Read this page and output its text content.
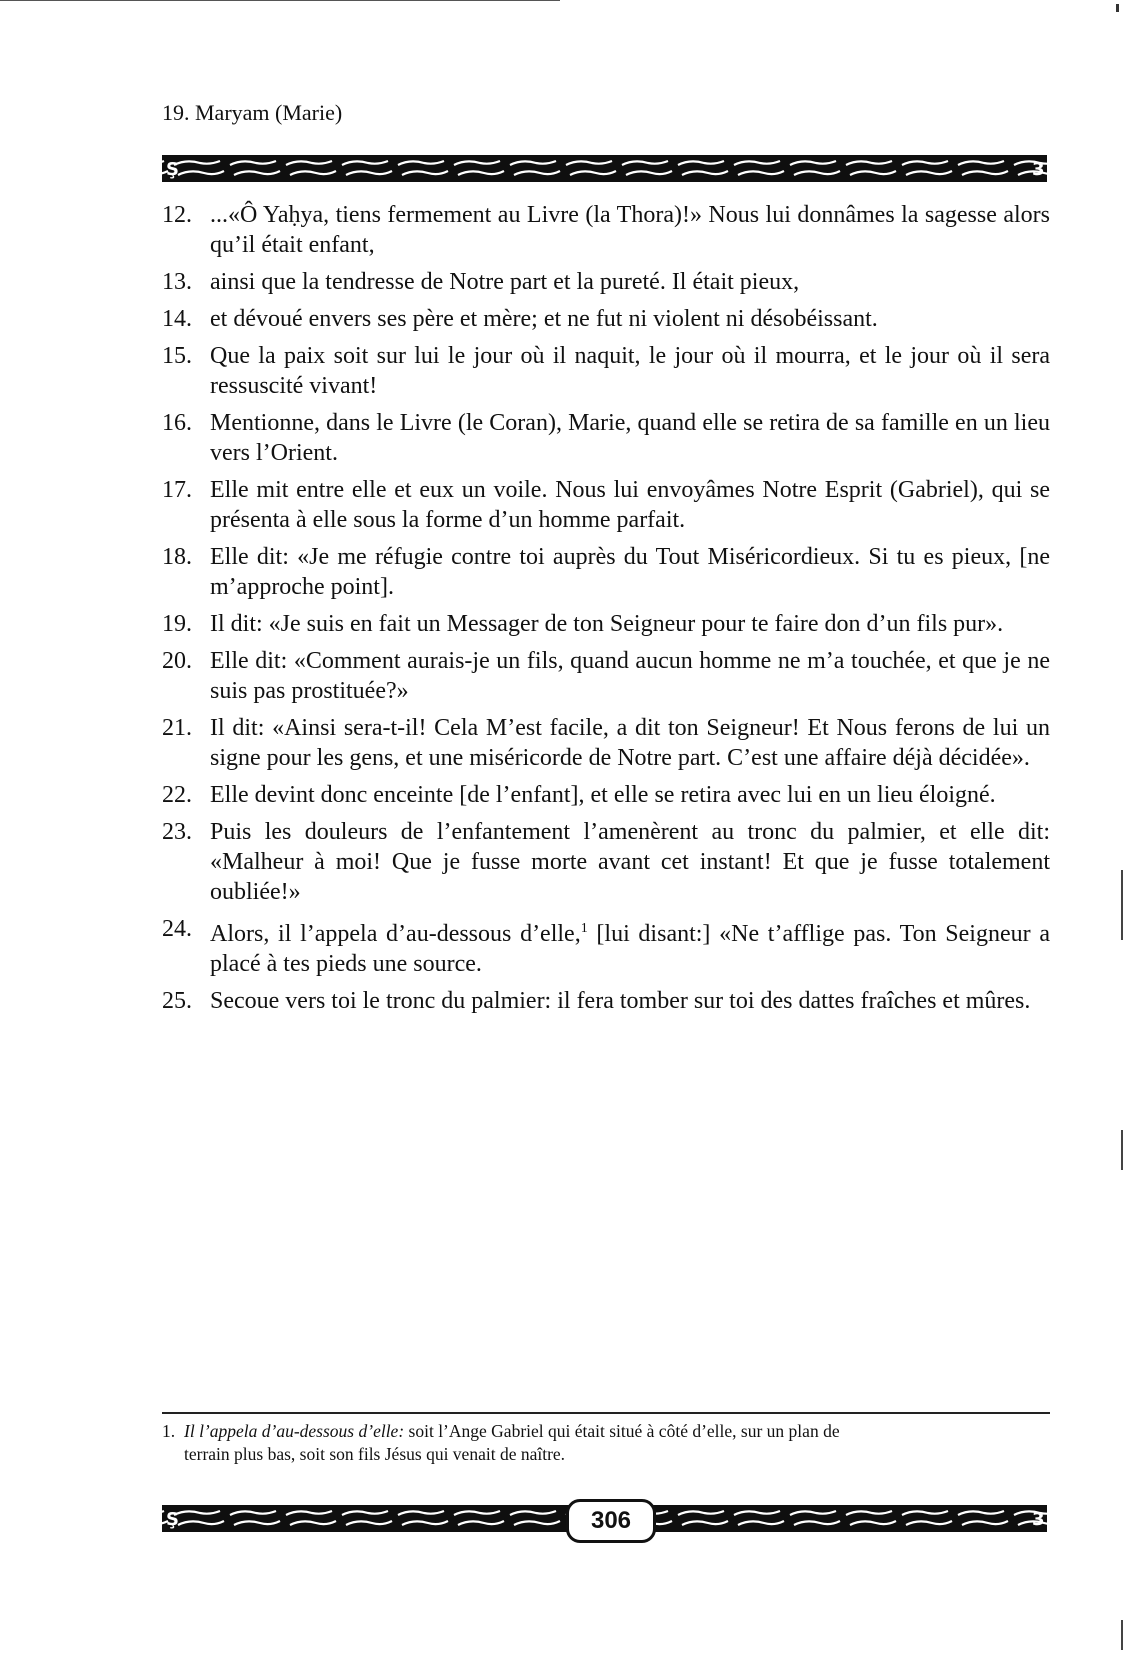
19. Maryam (Marie)
Ş	3
12. ...«Ô Yaḥya, tiens fermement au Livre (la Thora)!» Nous lui donnâmes la sagesse alors qu’il était enfant,
13. ainsi que la tendresse de Notre part et la pureté. Il était pieux,
14. et dévoué envers ses père et mère; et ne fut ni violent ni désobéissant.
15. Que la paix soit sur lui le jour où il naquit, le jour où il mourra, et le jour où il sera ressuscité vivant!
16. Mentionne, dans le Livre (le Coran), Marie, quand elle se retira de sa famille en un lieu vers l’Orient.
17. Elle mit entre elle et eux un voile. Nous lui envoyâmes Notre Esprit (Gabriel), qui se présenta à elle sous la forme d’un homme parfait.
18. Elle dit: «Je me réfugie contre toi auprès du Tout Miséricordieux. Si tu es pieux, [ne m’approche point].
19. Il dit: «Je suis en fait un Messager de ton Seigneur pour te faire don d’un fils pur».
20. Elle dit: «Comment aurais-je un fils, quand aucun homme ne m’a touchée, et que je ne suis pas prostituée?»
21. Il dit: «Ainsi sera-t-il! Cela M’est facile, a dit ton Seigneur! Et Nous ferons de lui un signe pour les gens, et une miséricorde de Notre part. C’est une affaire déjà décidée».
22. Elle devint donc enceinte [de l’enfant], et elle se retira avec lui en un lieu éloigné.
23. Puis les douleurs de l’enfantement l’amenèrent au tronc du palmier, et elle dit: «Malheur à moi! Que je fusse morte avant cet instant! Et que je fusse totalement oubliée!»
24. Alors, il l’appela d’au-dessous d’elle,$^1$ [lui disant:] «Ne t’afflige pas. Ton Seigneur a placé à tes pieds une source.
25. Secoue vers toi le tronc du palmier: il fera tomber sur toi des dattes fraîches et mûres.
1. Il l’appela d’au-dessous d’elle: soit l’Ange Gabriel qui était situé à côté d’elle, sur un plan de
terrain plus bas, soit son fils Jésus qui venait de naître.
Ş	3
306
